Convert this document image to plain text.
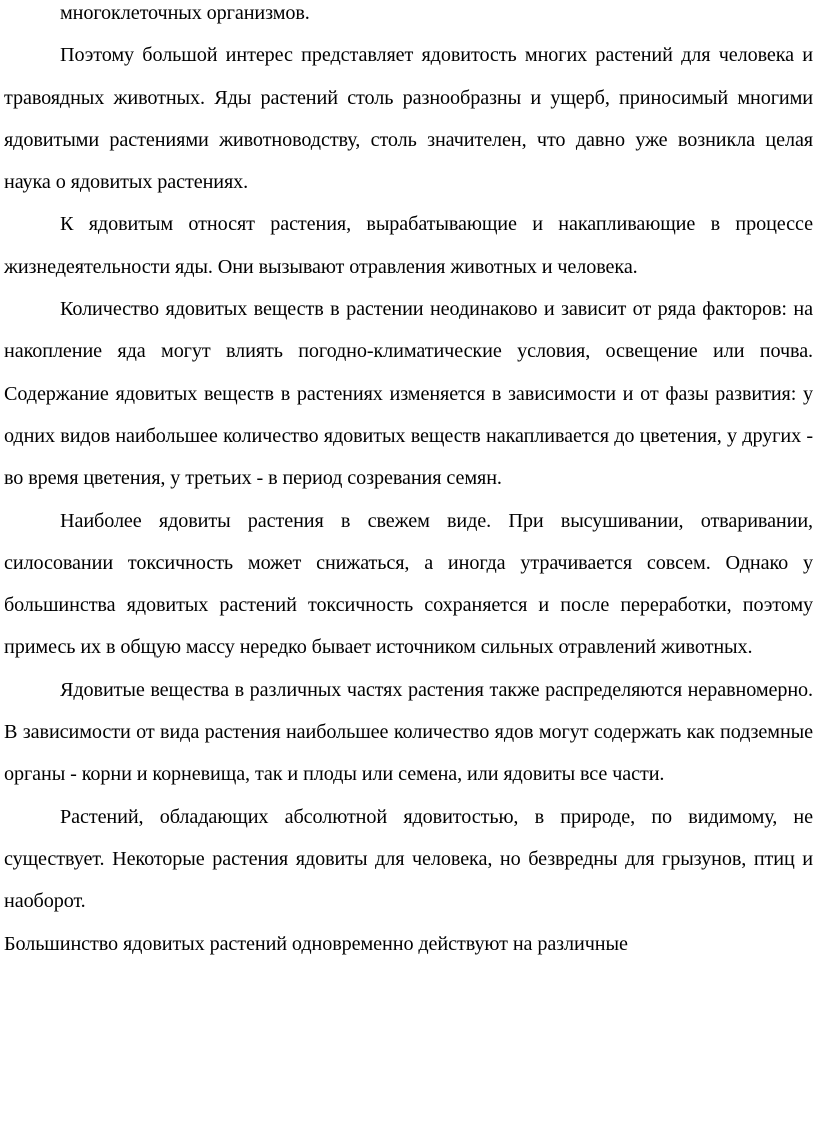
многоклеточных организмов.

Поэтому большой интерес представляет ядовитость многих растений для человека и травоядных животных. Яды растений столь разнообразны и ущерб, приносимый многими ядовитыми растениями животноводству, столь значителен, что давно уже возникла целая наука о ядовитых растениях.

К ядовитым относят растения, вырабатывающие и накапливающие в процессе жизнедеятельности яды. Они вызывают отравления животных и человека.

Количество ядовитых веществ в растении неодинаково и зависит от ряда факторов: на накопление яда могут влиять погодно-климатические условия, освещение или почва. Содержание ядовитых веществ в растениях изменяется в зависимости и от фазы развития: у одних видов наибольшее количество ядовитых веществ накапливается до цветения, у других - во время цветения, у третьих - в период созревания семян.

Наиболее ядовиты растения в свежем виде. При высушивании, отваривании, силосовании токсичность может снижаться, а иногда утрачивается совсем. Однако у большинства ядовитых растений токсичность сохраняется и после переработки, поэтому примесь их в общую массу нередко бывает источником сильных отравлений животных.

Ядовитые вещества в различных частях растения также распределяются неравномерно. В зависимости от вида растения наибольшее количество ядов могут содержать как подземные органы - корни и корневища, так и плоды или семена, или ядовиты все части.

Растений, обладающих абсолютной ядовитостью, в природе, по видимому, не существует. Некоторые растения ядовиты для человека, но безвредны для грызунов, птиц и наоборот.

Большинство ядовитых растений одновременно действуют на различные
